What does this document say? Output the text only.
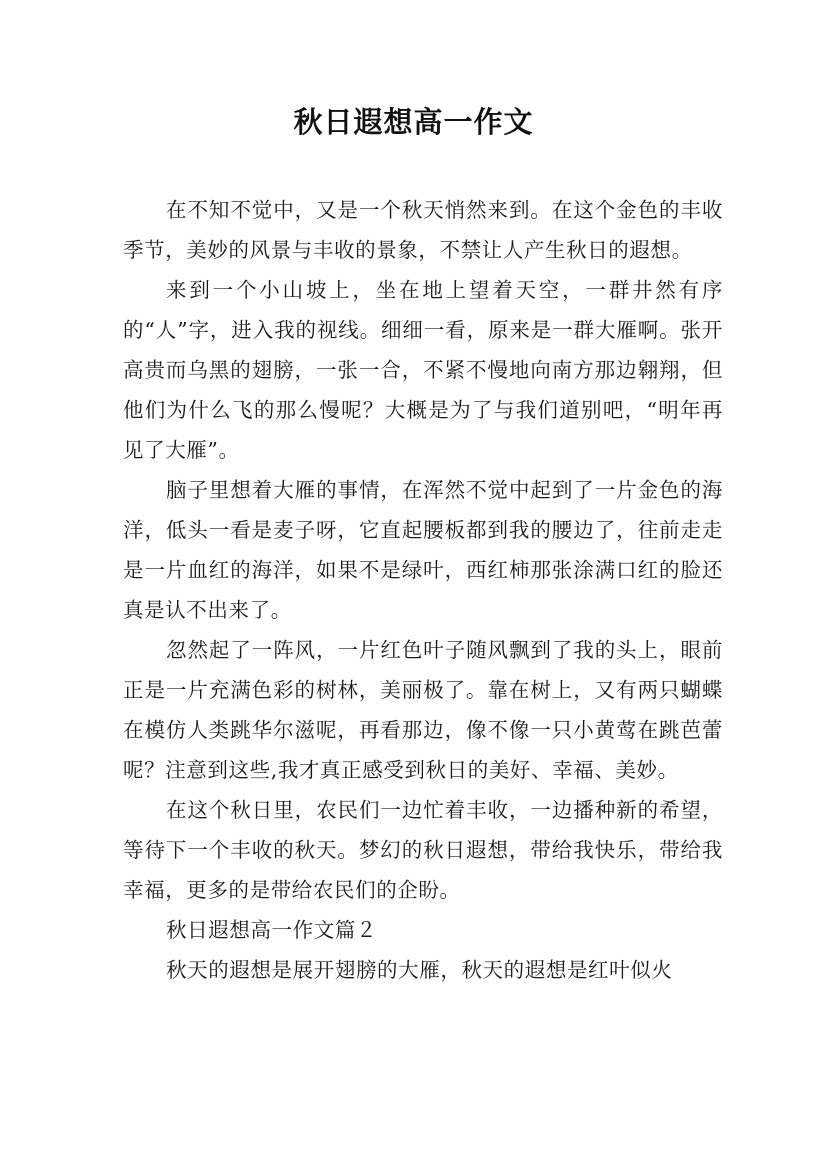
秋日遐想高一作文

在不知不觉中，又是一个秋天悄然来到。在这个金色的丰收季节，美妙的风景与丰收的景象，不禁让人产生秋日的遐想。

来到一个小山坡上，坐在地上望着天空，一群井然有序的“人”字，进入我的视线。细细一看，原来是一群大雁啊。张开高贵而乌黑的翅膀，一张一合，不紧不慢地向南方那边翱翔，但他们为什么飞的那么慢呢？大概是为了与我们道别吧，“明年再见了大雁”。

脑子里想着大雁的事情，在浑然不觉中起到了一片金色的海洋，低头一看是麦子呀，它直起腰板都到我的腰边了，往前走走是一片血红的海洋，如果不是绿叶，西红柿那张涂满口红的脸还真是认不出来了。

忽然起了一阵风，一片红色叶子随风飘到了我的头上，眼前正是一片充满色彩的树林，美丽极了。靠在树上，又有两只蝴蝶在模仿人类跳华尔滋呢，再看那边，像不像一只小黄莺在跳芭蕾呢？注意到这些,我才真正感受到秋日的美好、幸福、美妙。

在这个秋日里，农民们一边忙着丰收，一边播种新的希望，等待下一个丰收的秋天。梦幻的秋日遐想，带给我快乐，带给我幸福，更多的是带给农民们的企盼。

秋日遐想高一作文篇２

秋天的遐想是展开翅膀的大雁，秋天的遐想是红叶似火
